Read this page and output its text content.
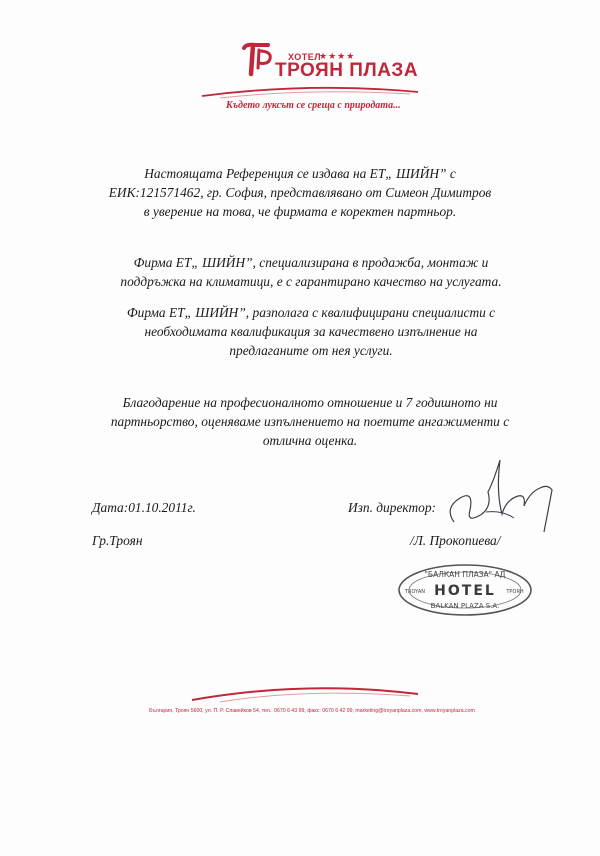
ХОТЕЛ
★★★★
ТРОЯН ПЛАЗА
Където луксът се среща с природата...
Настоящата Референция се издава на ЕТ„ ШИЙН” с ЕИК:121571462, гр. София, представлявано от Симеон Димитров в уверение на това, че фирмата е коректен партньор.
Фирма ЕТ„ ШИЙН”, специализирана в продажба, монтаж и поддръжка на климатици, е с гарантирано качество на услугата.
Фирма ЕТ„ ШИЙН”, разполага с квалифицирани специалисти с необходимата квалификация за качествено изпълнение на предлаганите от нея услуги.
Благодарение на професионалното отношение и 7 годишното ни партньорство, оценяваме изпълнението на поетите ангажименти с отлична оценка.
Дата:01.10.2011г.
Гр.Троян
Изп. директор:
/Л. Прокопиева/
"БАЛКАН ПЛАЗА" АД
HOTEL
TROYAN	ТРОЯН
BALKAN PLAZA S.A.
България, Троян 5600, ул. П. Р. Славейков 54, тел.: 0670 6 43 99, факс: 0670 6 42 99, marketing@troyanplaza.com, www.troyanplaza.com
